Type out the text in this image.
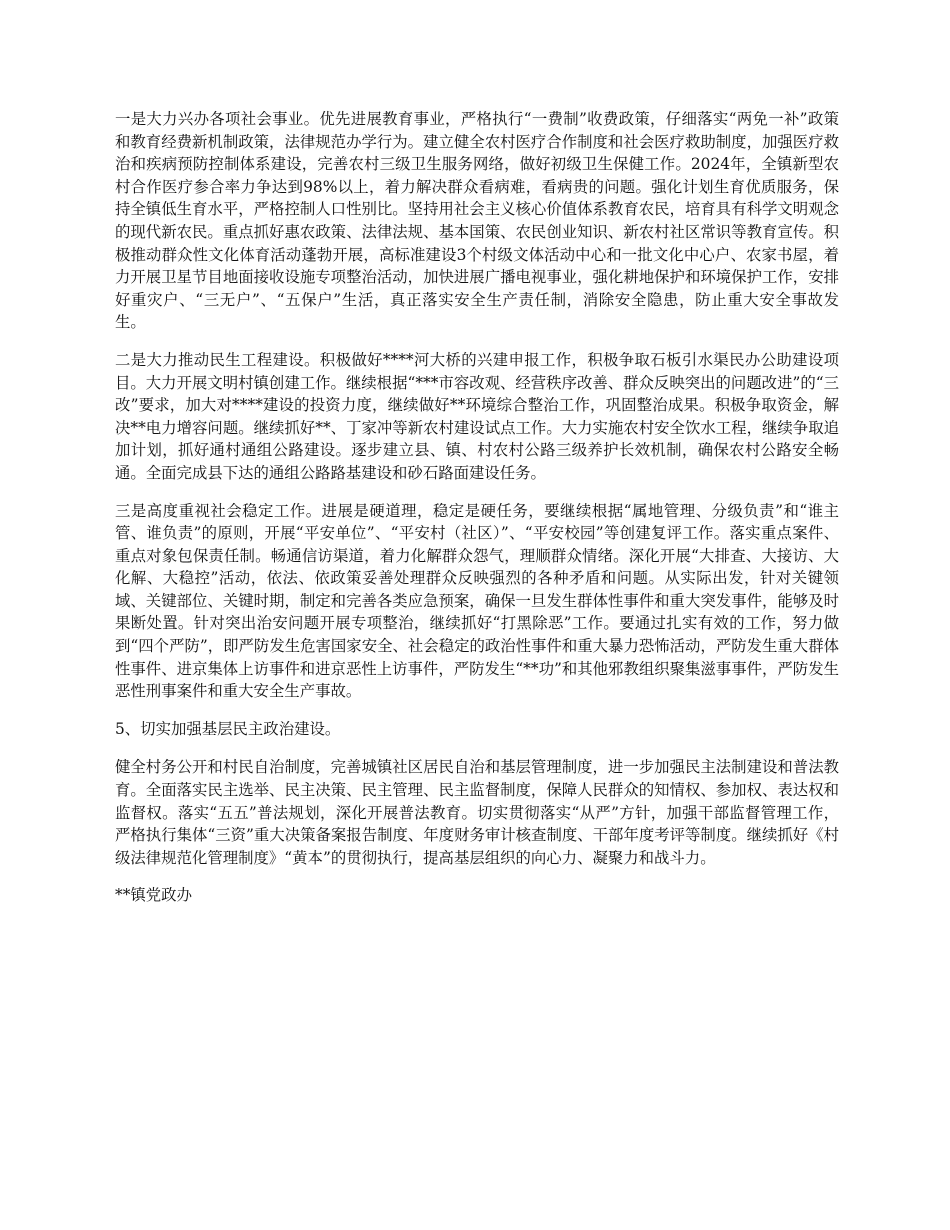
一是大力兴办各项社会事业。优先进展教育事业，严格执行“一费制”收费政策，仔细落实“两免一补”政策和教育经费新机制政策，法律规范办学行为。建立健全农村医疗合作制度和社会医疗救助制度，加强医疗救治和疾病预防控制体系建设，完善农村三级卫生服务网络，做好初级卫生保健工作。2024年，全镇新型农村合作医疗参合率力争达到98%以上，着力解决群众看病难，看病贵的问题。强化计划生育优质服务，保持全镇低生育水平，严格控制人口性别比。坚持用社会主义核心价值体系教育农民，培育具有科学文明观念的现代新农民。重点抓好惠农政策、法律法规、基本国策、农民创业知识、新农村社区常识等教育宣传。积极推动群众性文化体育活动蓬勃开展，高标准建设3个村级文体活动中心和一批文化中心户、农家书屋，着力开展卫星节目地面接收设施专项整治活动，加快进展广播电视事业，强化耕地保护和环境保护工作，安排好重灾户、“三无户”、“五保户”生活，真正落实安全生产责任制，消除安全隐患，防止重大安全事故发生。

二是大力推动民生工程建设。积极做好****河大桥的兴建申报工作，积极争取石板引水渠民办公助建设项目。大力开展文明村镇创建工作。继续根据“***市容改观、经营秩序改善、群众反映突出的问题改进”的“三改”要求，加大对****建设的投资力度，继续做好**环境综合整治工作，巩固整治成果。积极争取资金，解决**电力增容问题。继续抓好**、丁家冲等新农村建设试点工作。大力实施农村安全饮水工程，继续争取追加计划，抓好通村通组公路建设。逐步建立县、镇、村农村公路三级养护长效机制，确保农村公路安全畅通。全面完成县下达的通组公路路基建设和砂石路面建设任务。

三是高度重视社会稳定工作。进展是硬道理，稳定是硬任务，要继续根据“属地管理、分级负责”和“谁主管、谁负责”的原则，开展“平安单位”、“平安村（社区）”、“平安校园”等创建复评工作。落实重点案件、重点对象包保责任制。畅通信访渠道，着力化解群众怨气，理顺群众情绪。深化开展“大排查、大接访、大化解、大稳控”活动，依法、依政策妥善处理群众反映强烈的各种矛盾和问题。从实际出发，针对关键领域、关键部位、关键时期，制定和完善各类应急预案，确保一旦发生群体性事件和重大突发事件，能够及时果断处置。针对突出治安问题开展专项整治，继续抓好“打黑除恶”工作。要通过扎实有效的工作，努力做到“四个严防”，即严防发生危害国家安全、社会稳定的政治性事件和重大暴力恐怖活动，严防发生重大群体性事件、进京集体上访事件和进京恶性上访事件，严防发生“**功”和其他邪教组织聚集滋事事件，严防发生恶性刑事案件和重大安全生产事故。

5、切实加强基层民主政治建设。

健全村务公开和村民自治制度，完善城镇社区居民自治和基层管理制度，进一步加强民主法制建设和普法教育。全面落实民主选举、民主决策、民主管理、民主监督制度，保障人民群众的知情权、参加权、表达权和监督权。落实“五五”普法规划，深化开展普法教育。切实贯彻落实“从严”方针，加强干部监督管理工作，严格执行集体“三资”重大决策备案报告制度、年度财务审计核查制度、干部年度考评等制度。继续抓好《村级法律规范化管理制度》“黄本”的贯彻执行，提高基层组织的向心力、凝聚力和战斗力。

**镇党政办
